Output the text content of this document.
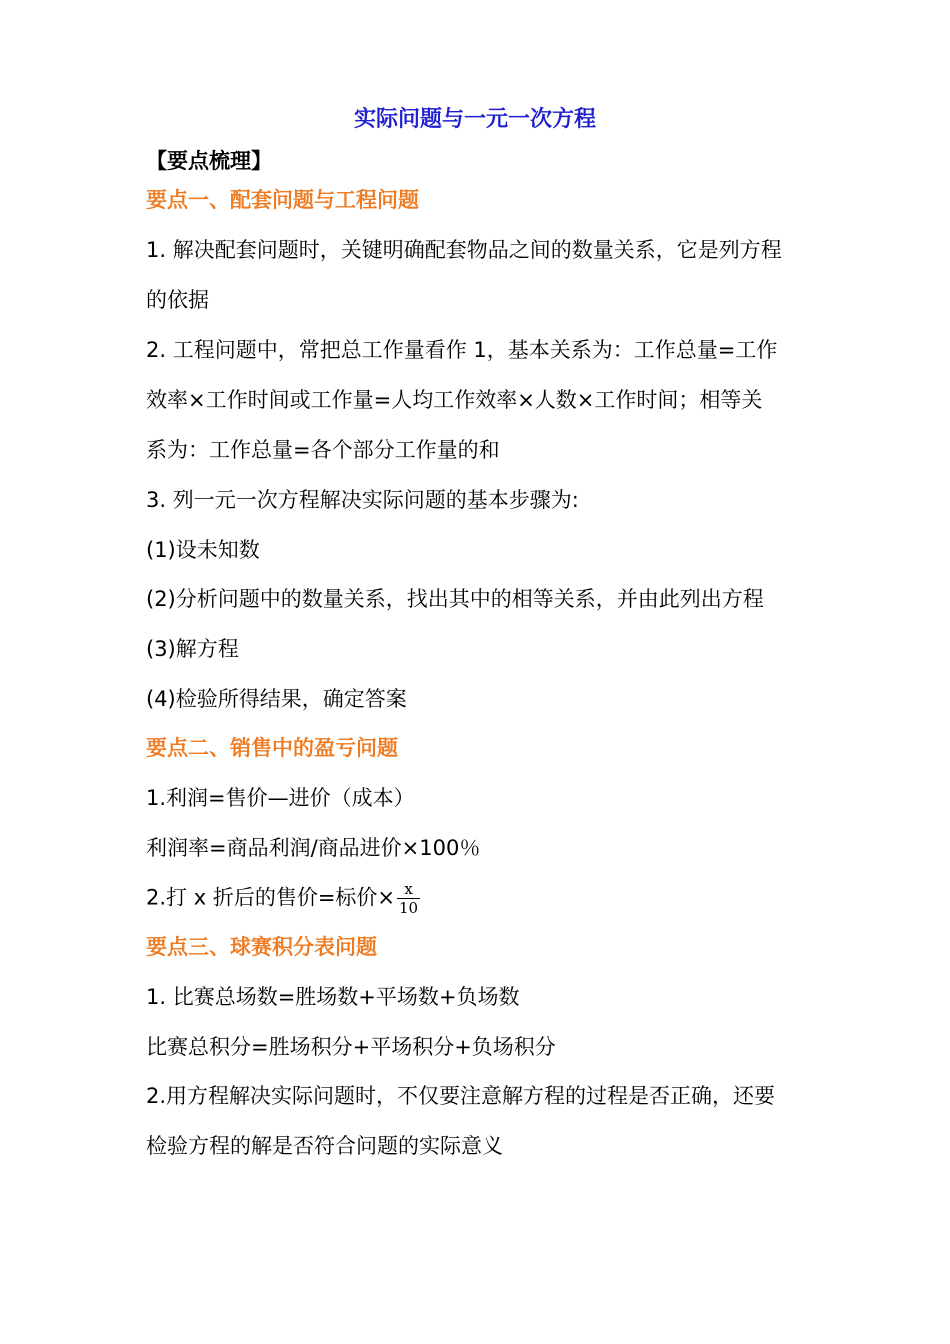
实际问题与一元一次方程
【要点梳理】
要点一、配套问题与工程问题
1. 解决配套问题时，关键明确配套物品之间的数量关系，它是列方程
的依据
2. 工程问题中，常把总工作量看作 1，基本关系为：工作总量=工作
效率×工作时间或工作量=人均工作效率×人数×工作时间；相等关
系为：工作总量=各个部分工作量的和
3. 列一元一次方程解决实际问题的基本步骤为:
(1)设未知数
(2)分析问题中的数量关系，找出其中的相等关系，并由此列出方程
(3)解方程
(4)检验所得结果，确定答案
要点二、销售中的盈亏问题
1.利润=售价—进价（成本）
利润率=商品利润/商品进价×100％
2.打 x 折后的售价=标价× $\frac{x}{10}$
要点三、球赛积分表问题
1. 比赛总场数=胜场数+平场数+负场数
比赛总积分=胜场积分+平场积分+负场积分
2.用方程解决实际问题时，不仅要注意解方程的过程是否正确，还要
检验方程的解是否符合问题的实际意义
